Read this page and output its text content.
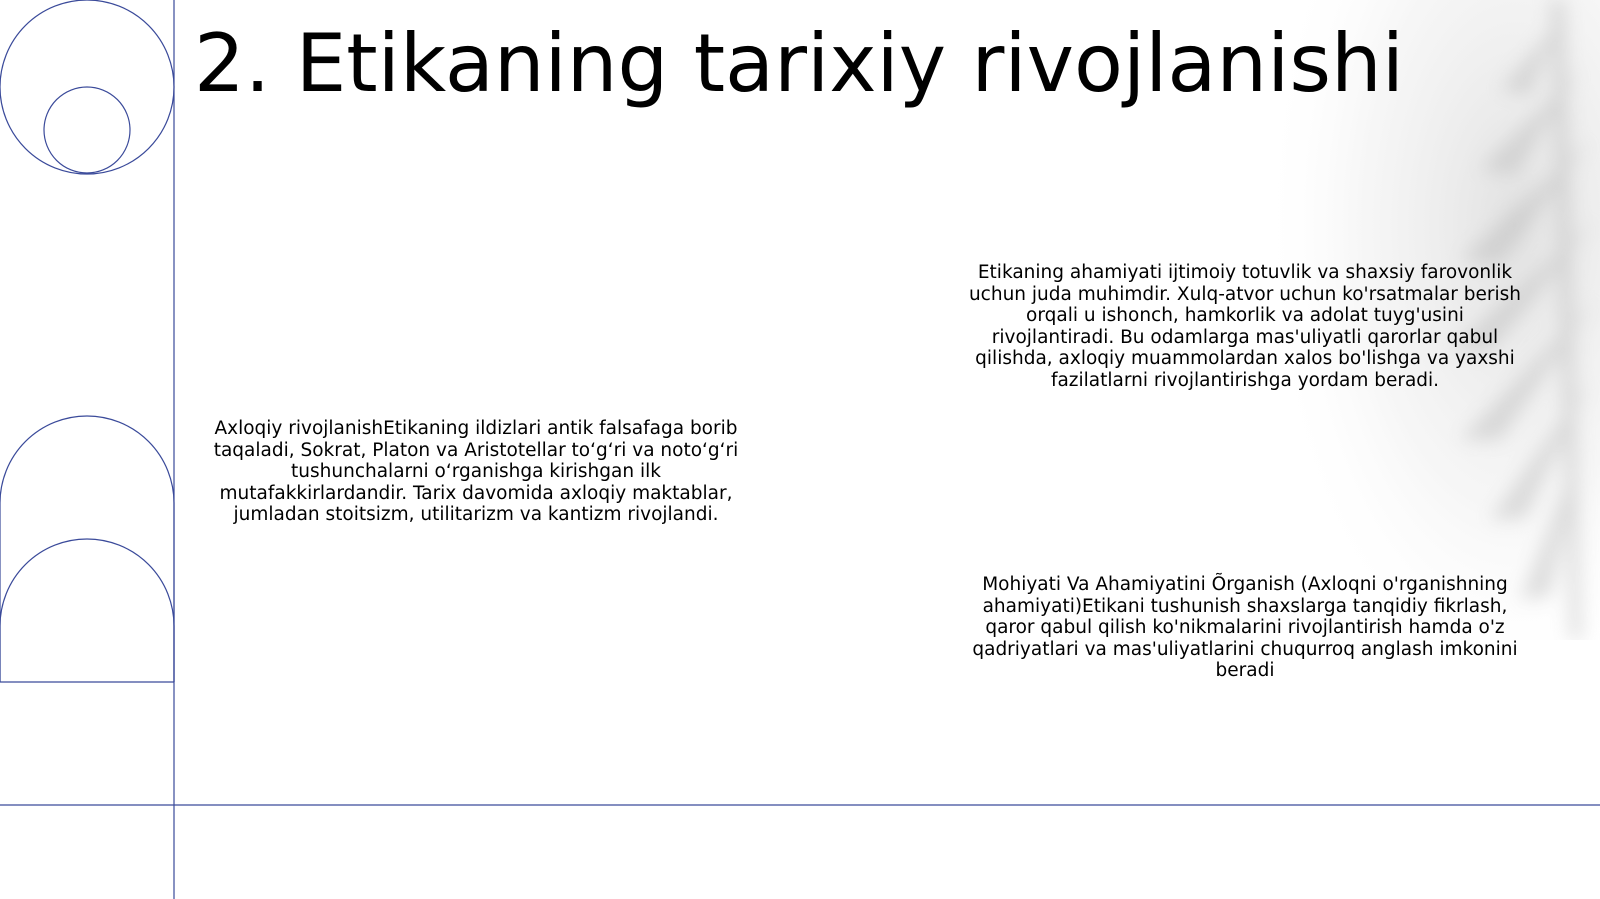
2. Etikaning tarixiy rivojlanishi

Axloqiy rivojlanishEtikaning ildizlari antik falsafaga borib taqaladi, Sokrat, Platon va Aristotellar to‘g‘ri va noto‘g‘ri tushunchalarni o‘rganishga kirishgan ilk mutafakkirlardandir. Tarix davomida axloqiy maktablar, jumladan stoitsizm, utilitarizm va kantizm rivojlandi.

Etikaning ahamiyati ijtimoiy totuvlik va shaxsiy farovonlik uchun juda muhimdir. Xulq-atvor uchun ko'rsatmalar berish orqali u ishonch, hamkorlik va adolat tuyg'usini rivojlantiradi. Bu odamlarga mas'uliyatli qarorlar qabul qilishda, axloqiy muammolardan xalos bo'lishga va yaxshi fazilatlarni rivojlantirishga yordam beradi.

Mohiyati Va Ahamiyatini Õrganish (Axloqni o'rganishning ahamiyati)Etikani tushunish shaxslarga tanqidiy fikrlash, qaror qabul qilish ko'nikmalarini rivojlantirish hamda o'z qadriyatlari va mas'uliyatlarini chuqurroq anglash imkonini beradi
